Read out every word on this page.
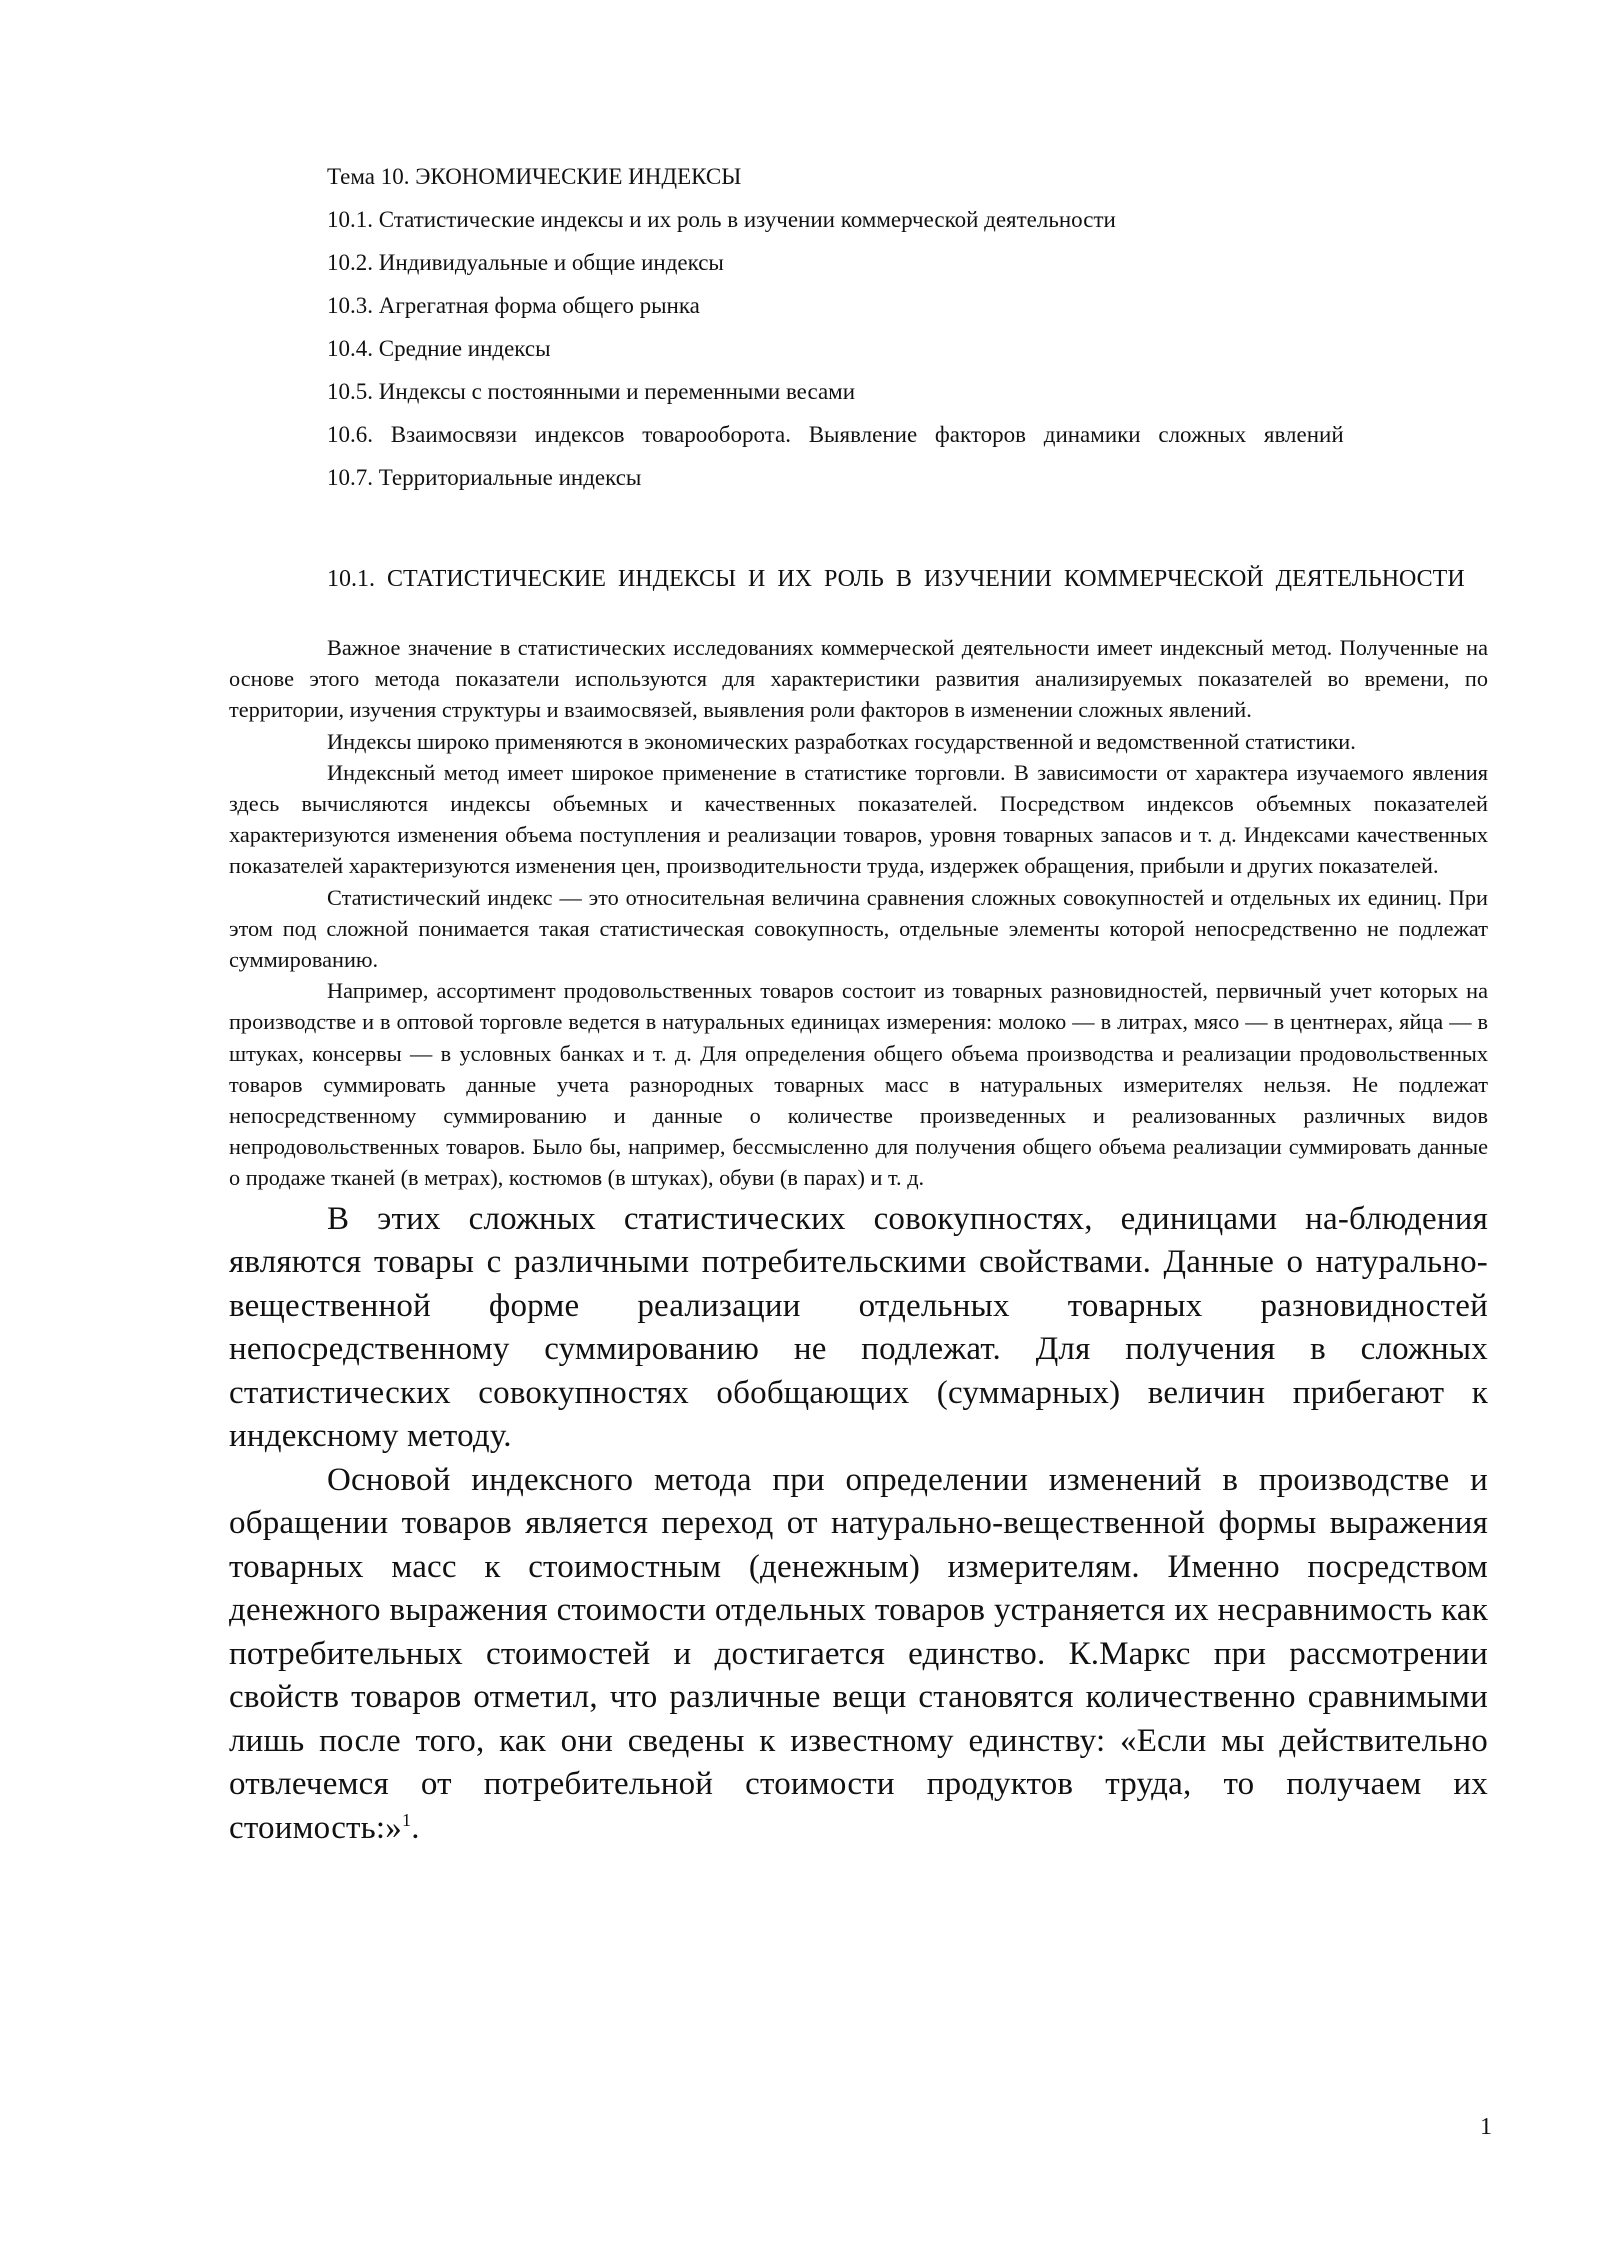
Тема 10. ЭКОНОМИЧЕСКИЕ ИНДЕКСЫ

10.1. Статистические индексы и их роль в изучении коммерческой деятельности

10.2. Индивидуальные и общие индексы

10.3. Агрегатная форма общего рынка

10.4. Средние индексы

10.5. Индексы с постоянными и переменными весами

10.6. Взаимосвязи индексов товарооборота. Выявление факторов динамики сложных явлений

10.7. Территориальные индексы

10.1. СТАТИСТИЧЕСКИЕ ИНДЕКСЫ И ИХ РОЛЬ В ИЗУЧЕНИИ КОММЕРЧЕСКОЙ ДЕЯТЕЛЬНОСТИ

Важное значение в статистических исследованиях коммерческой деятельности имеет индексный метод. Полученные на основе этого метода показатели используются для характеристики развития анализируемых показателей во времени, по территории, изучения структуры и взаимосвязей, выявления роли факторов в изменении сложных явлений.

Индексы широко применяются в экономических разработках государственной и ведомственной статистики.

Индексный метод имеет широкое применение в статистике торговли. В зависимости от характера изучаемого явления здесь вычисляются индексы объемных и качественных показателей. Посредством индексов объемных показателей характеризуются изменения объема поступления и реализации товаров, уровня товарных запасов и т. д. Индексами качественных показателей характеризуются изменения цен, производительности труда, издержек обращения, прибыли и других показателей.

Статистический индекс — это относительная величина сравнения сложных совокупностей и отдельных их единиц. При этом под сложной понимается такая статистическая совокупность, отдельные элементы которой непосредственно не подлежат суммированию.

Например, ассортимент продовольственных товаров состоит из товарных разновидностей, первичный учет которых на производстве и в оптовой торговле ведется в натуральных единицах измерения: молоко — в литрах, мясо — в центнерах, яйца — в штуках, консервы — в условных банках и т. д. Для определения общего объема производства и реализации продовольственных товаров суммировать данные учета разнородных товарных масс в натуральных измерителях нельзя. Не подлежат непосредственному суммированию и данные о количестве произведенных и реализованных различных видов непродовольственных товаров. Было бы, например, бессмысленно для получения общего объема реализации суммировать данные о продаже тканей (в метрах), костюмов (в штуках), обуви (в парах) и т. д.

В этих сложных статистических совокупностях, единицами на-блюдения являются товары с различными потребительскими свойствами. Данные о натурально-вещественной форме реализации отдельных товарных разновидностей непосредственному суммированию не подлежат. Для получения в сложных статистических совокупностях обобщающих (суммарных) величин прибегают к индексному методу.

Основой индексного метода при определении изменений в производстве и обращении товаров является переход от натурально-вещественной формы выражения товарных масс к стоимостным (денежным) измерителям. Именно посредством денежного выражения стоимости отдельных товаров устраняется их несравнимость как потребительных стоимостей и достигается единство. К.Маркс при рассмотрении свойств товаров отметил, что различные вещи становятся количественно сравнимыми лишь после того, как они сведены к известному единству: «Если мы действительно отвлечемся от потребительной стоимости продуктов труда, то получаем их стоимость:»$^1$.

1
